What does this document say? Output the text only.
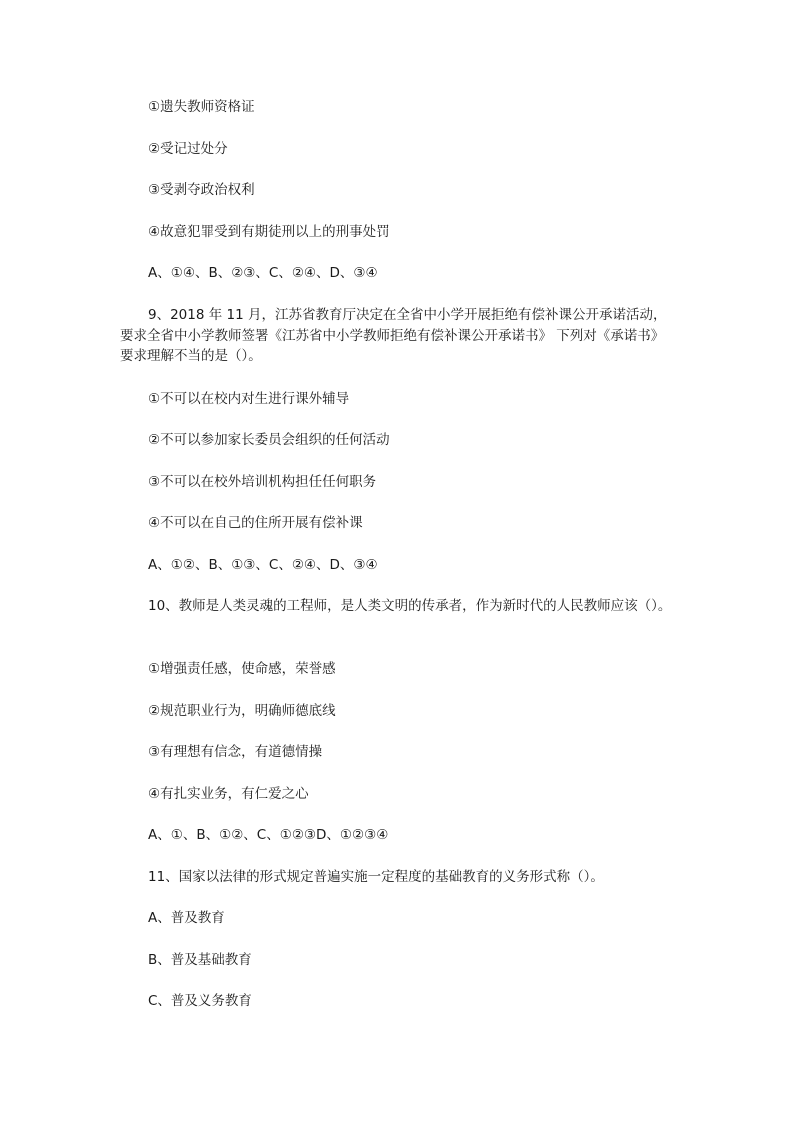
①遗失教师资格证
②受记过处分
③受剥夺政治权利
④故意犯罪受到有期徒刑以上的刑事处罚
A、①④、B、②③、C、②④、D、③④
9、2018 年 11 月，江苏省教育厅决定在全省中小学开展拒绝有偿补课公开承诺活动，
要求全省中小学教师签署《江苏省中小学教师拒绝有偿补课公开承诺书》 下列对《承诺书》
要求理解不当的是（）。
①不可以在校内对生进行课外辅导
②不可以参加家长委员会组织的任何活动
③不可以在校外培训机构担任任何职务
④不可以在自己的住所开展有偿补课
A、①②、B、①③、C、②④、D、③④
10、教师是人类灵魂的工程师，是人类文明的传承者，作为新时代的人民教师应该（）。
①增强责任感，使命感，荣誉感
②规范职业行为，明确师德底线
③有理想有信念，有道德情操
④有扎实业务，有仁爱之心
A、①、B、①②、C、①②③D、①②③④
11、国家以法律的形式规定普遍实施一定程度的基础教育的义务形式称（）。
A、普及教育
B、普及基础教育
C、普及义务教育
